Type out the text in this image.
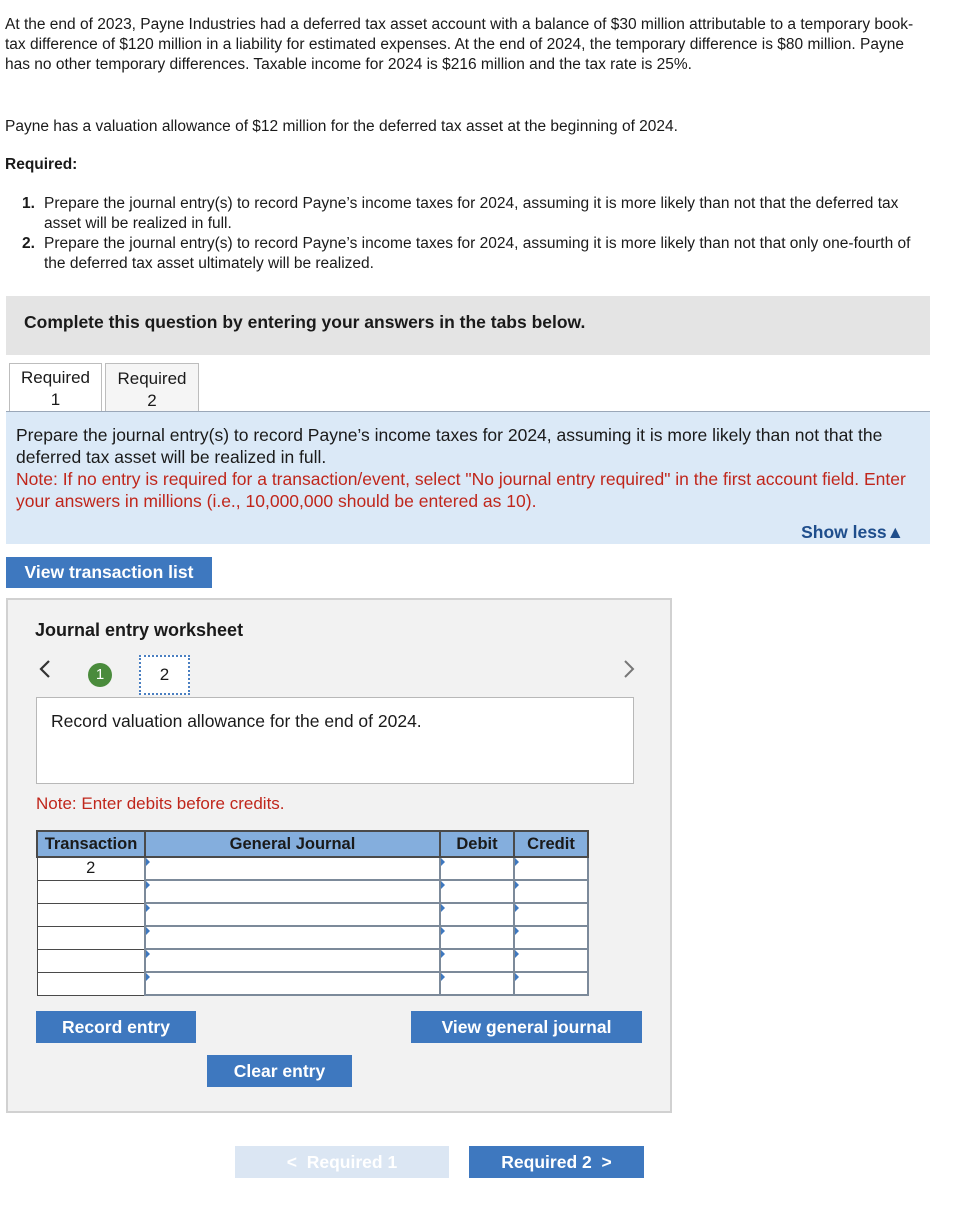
At the end of 2023, Payne Industries had a deferred tax asset account with a balance of $30 million attributable to a temporary book-tax difference of $120 million in a liability for estimated expenses. At the end of 2024, the temporary difference is $80 million. Payne has no other temporary differences. Taxable income for 2024 is $216 million and the tax rate is 25%.
Payne has a valuation allowance of $12 million for the deferred tax asset at the beginning of 2024.
Required:
1. Prepare the journal entry(s) to record Payne’s income taxes for 2024, assuming it is more likely than not that the deferred tax asset will be realized in full.
2. Prepare the journal entry(s) to record Payne’s income taxes for 2024, assuming it is more likely than not that only one-fourth of the deferred tax asset ultimately will be realized.
Complete this question by entering your answers in the tabs below.
Required
1
Required
2
Prepare the journal entry(s) to record Payne’s income taxes for 2024, assuming it is more likely than not that the deferred tax asset will be realized in full.
Note: If no entry is required for a transaction/event, select "No journal entry required" in the first account field. Enter your answers in millions (i.e., 10,000,000 should be entered as 10).
Show less▲
View transaction list
Journal entry worksheet
1	2
Record valuation allowance for the end of 2024.
Note: Enter debits before credits.
Transaction	General Journal	Debit	Credit
2			

Record entry	View general journal
Clear entry
<  Required 1	Required 2  >
